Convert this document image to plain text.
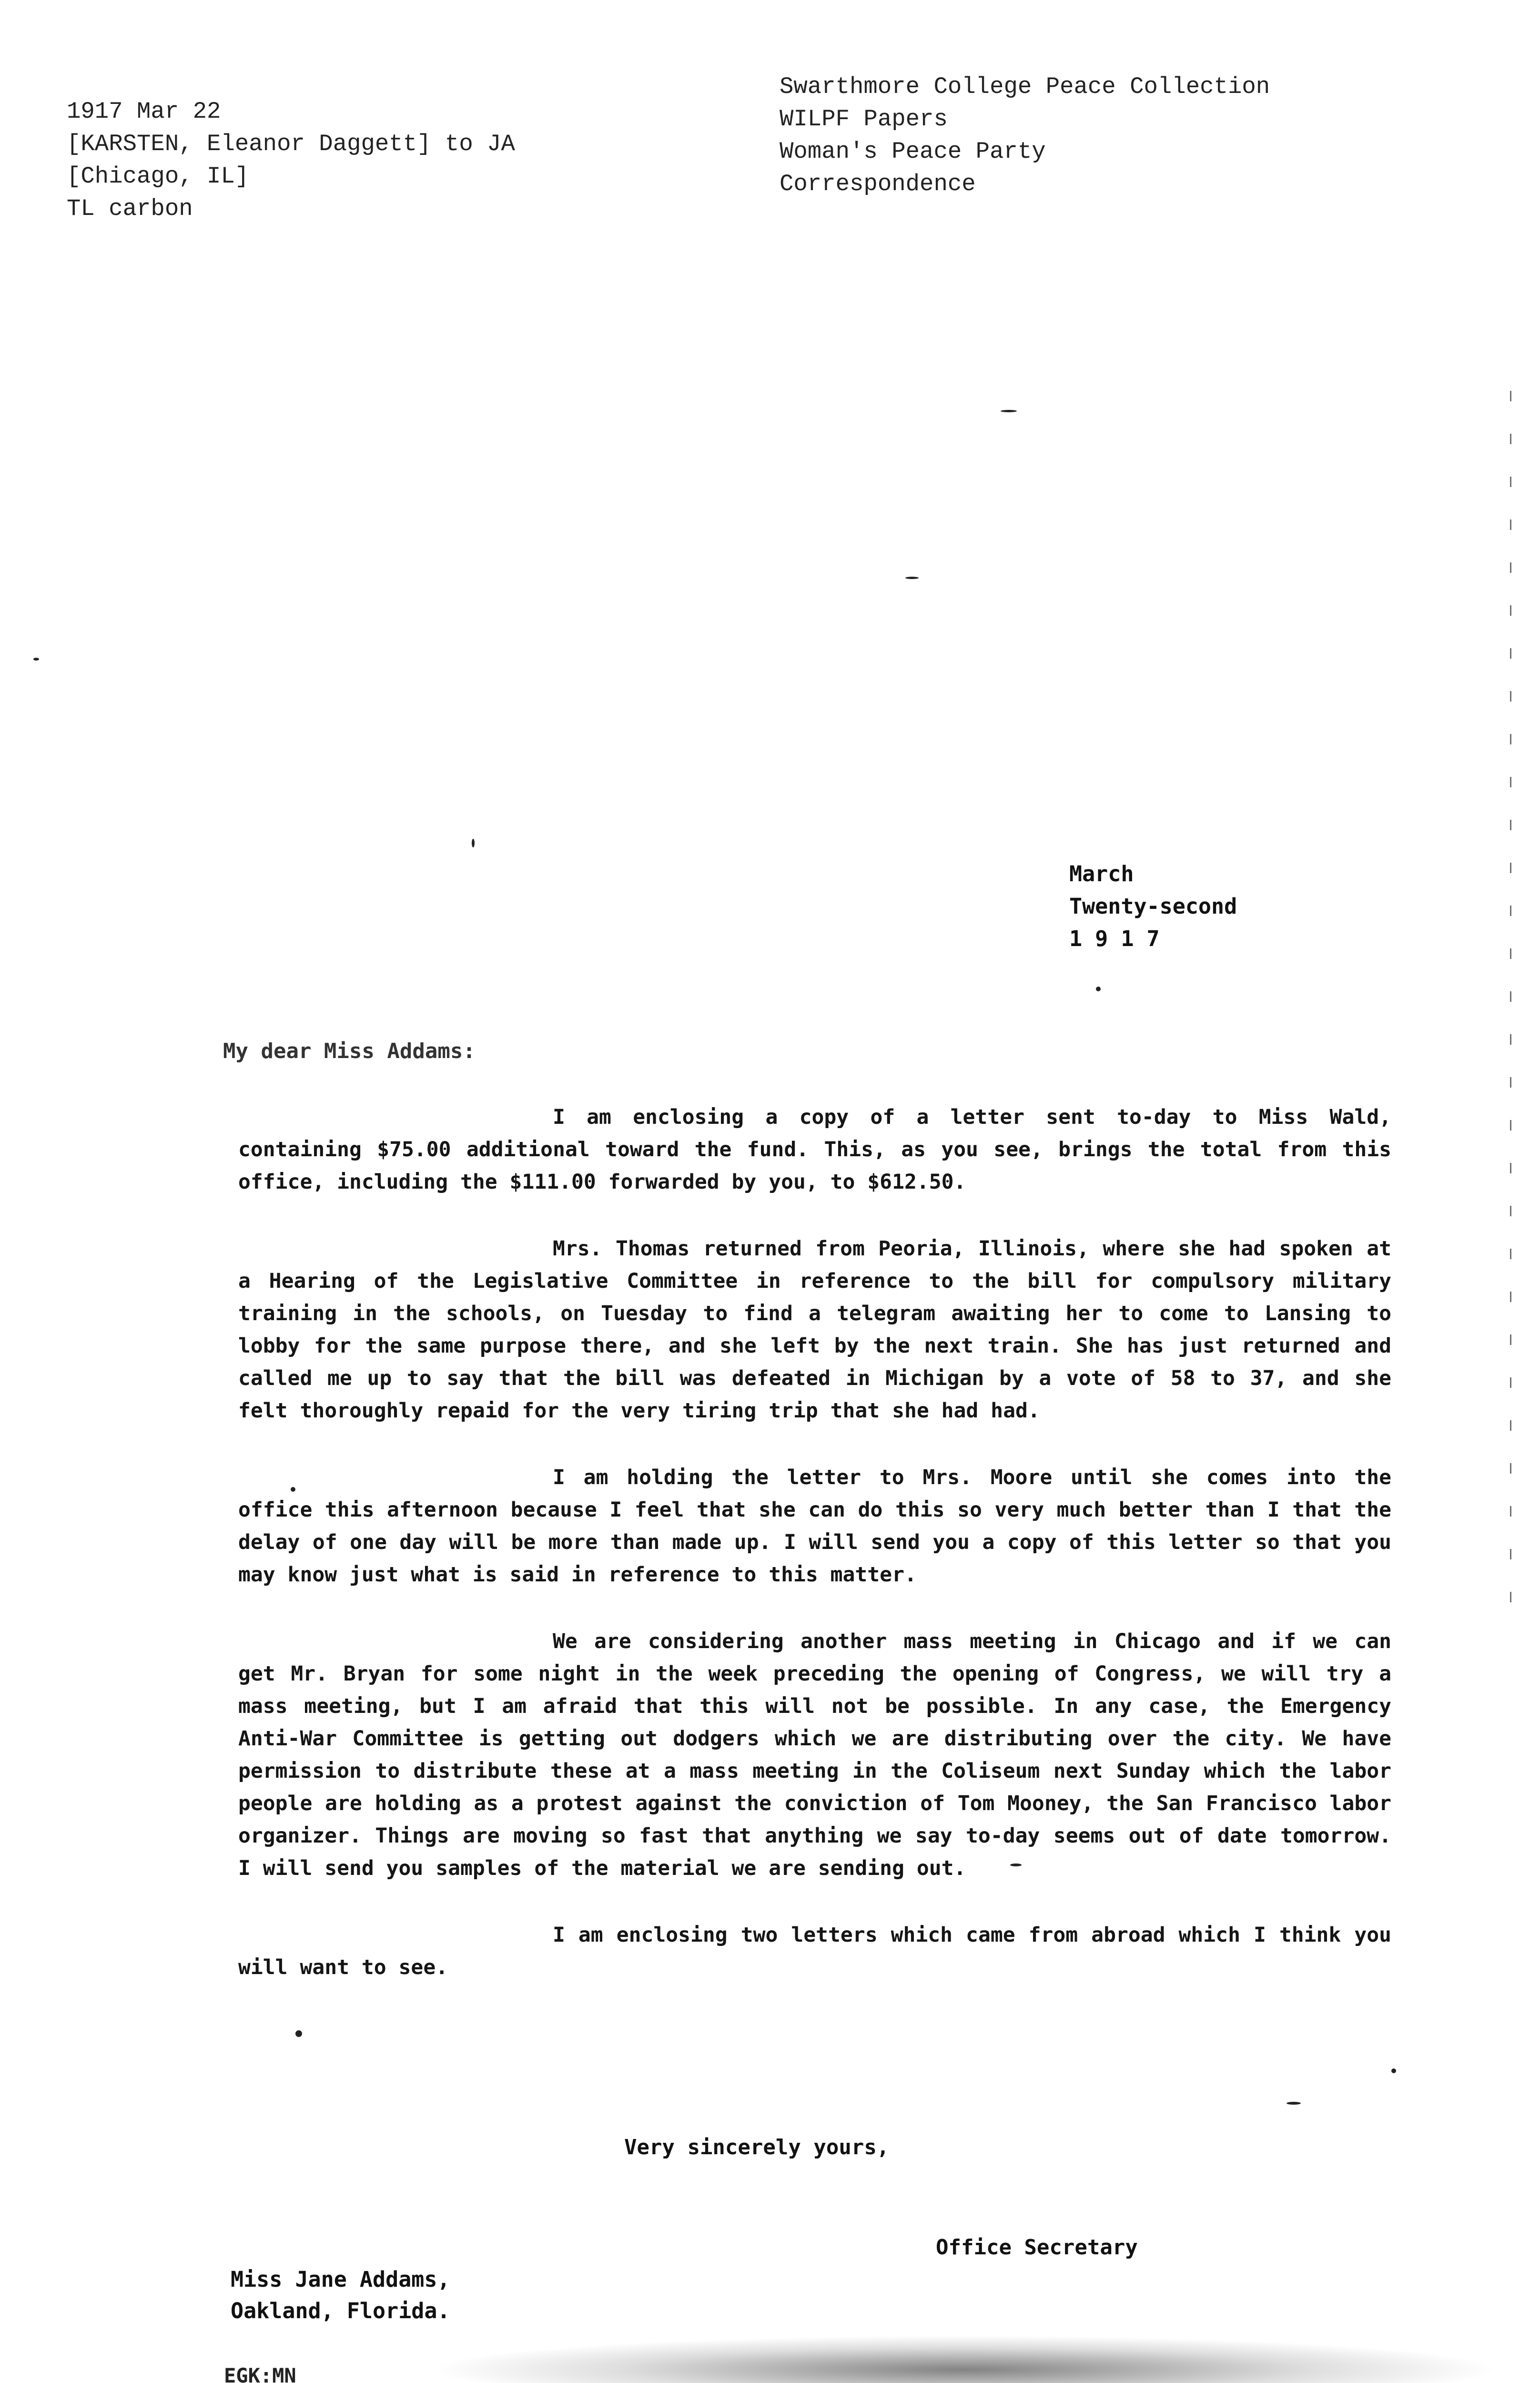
1917 Mar 22
[KARSTEN, Eleanor Daggett] to JA
[Chicago, IL]
TL carbon
Swarthmore College Peace Collection
WILPF Papers
Woman's Peace Party
Correspondence
March
Twenty-second
1 9 1 7
My dear Miss Addams:

I am enclosing a copy of a letter sent to-day to Miss Wald, containing $75.00 additional toward the fund. This, as you see, brings the total from this office, including the $111.00 forwarded by you, to $612.50.

Mrs. Thomas returned from Peoria, Illinois, where she had spoken at a Hearing of the Legislative Committee in reference to the bill for compulsory military training in the schools, on Tuesday to find a telegram awaiting her to come to Lansing to lobby for the same purpose there, and she left by the next train. She has just returned and called me up to say that the bill was defeated in Michigan by a vote of 58 to 37, and she felt thoroughly repaid for the very tiring trip that she had had.

I am holding the letter to Mrs. Moore until she comes into the office this afternoon because I feel that she can do this so very much better than I that the delay of one day will be more than made up. I will send you a copy of this letter so that you may know just what is said in reference to this matter.

We are considering another mass meeting in Chicago and if we can get Mr. Bryan for some night in the week preceding the opening of Congress, we will try a mass meeting, but I am afraid that this will not be possible. In any case, the Emergency Anti-War Committee is getting out dodgers which we are distributing over the city. We have permission to distribute these at a mass meeting in the Coliseum next Sunday which the labor people are holding as a protest against the conviction of Tom Mooney, the San Francisco labor organizer. Things are moving so fast that anything we say to-day seems out of date tomorrow. I will send you samples of the material we are sending out.

I am enclosing two letters which came from abroad which I think you will want to see.

Very sincerely yours,
Office Secretary
Miss Jane Addams,
Oakland, Florida.
EGK:MN
